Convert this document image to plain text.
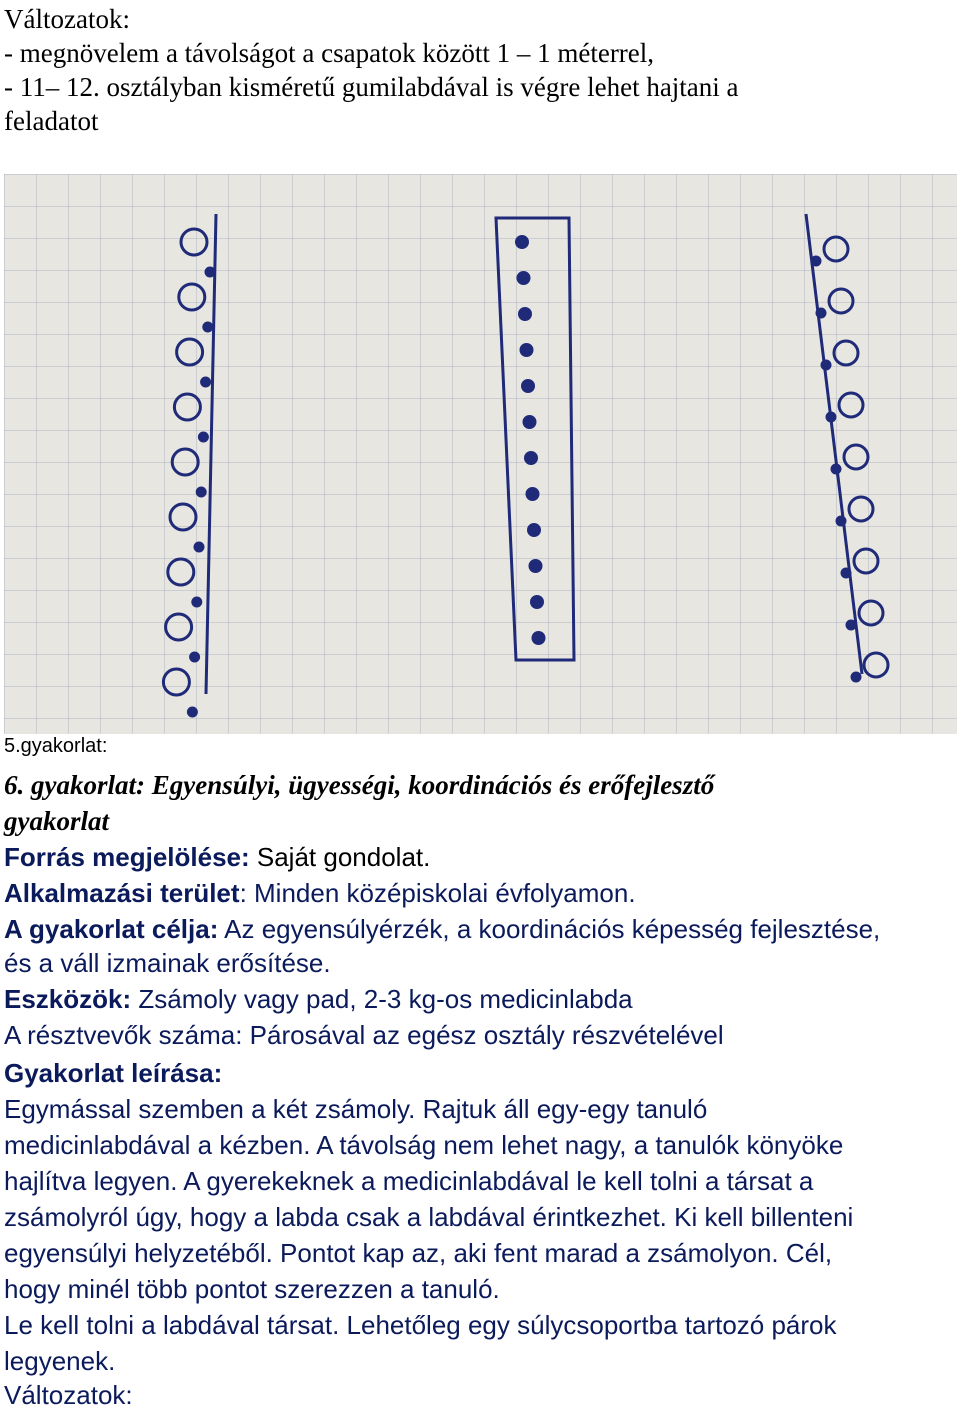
Változatok:
- megnövelem a távolságot a csapatok között 1 – 1 méterrel,
- 11– 12. osztályban kisméretű gumilabdával is végre lehet hajtani a
feladatot
5.gyakorlat:
6. gyakorlat: Egyensúlyi, ügyességi, koordinációs és erőfejlesztő
gyakorlat
Forrás megjelölése: Saját gondolat.
Alkalmazási terület: Minden középiskolai évfolyamon.
A gyakorlat célja: Az egyensúlyérzék, a koordinációs képesség fejlesztése,
és a váll izmainak erősítése.
Eszközök: Zsámoly vagy pad, 2-3 kg-os medicinlabda
A résztvevők száma: Párosával az egész osztály részvételével
Gyakorlat leírása:
Egymással szemben a két zsámoly. Rajtuk áll egy-egy tanuló
medicinlabdával a kézben. A távolság nem lehet nagy, a tanulók könyöke
hajlítva legyen. A gyerekeknek a medicinlabdával le kell tolni a társat a
zsámolyról úgy, hogy a labda csak a labdával érintkezhet. Ki kell billenteni
egyensúlyi helyzetéből. Pontot kap az, aki fent marad a zsámolyon. Cél,
hogy minél több pontot szerezzen a tanuló.
Le kell tolni a labdával társat. Lehetőleg egy súlycsoportba tartozó párok
legyenek.
Változatok:
